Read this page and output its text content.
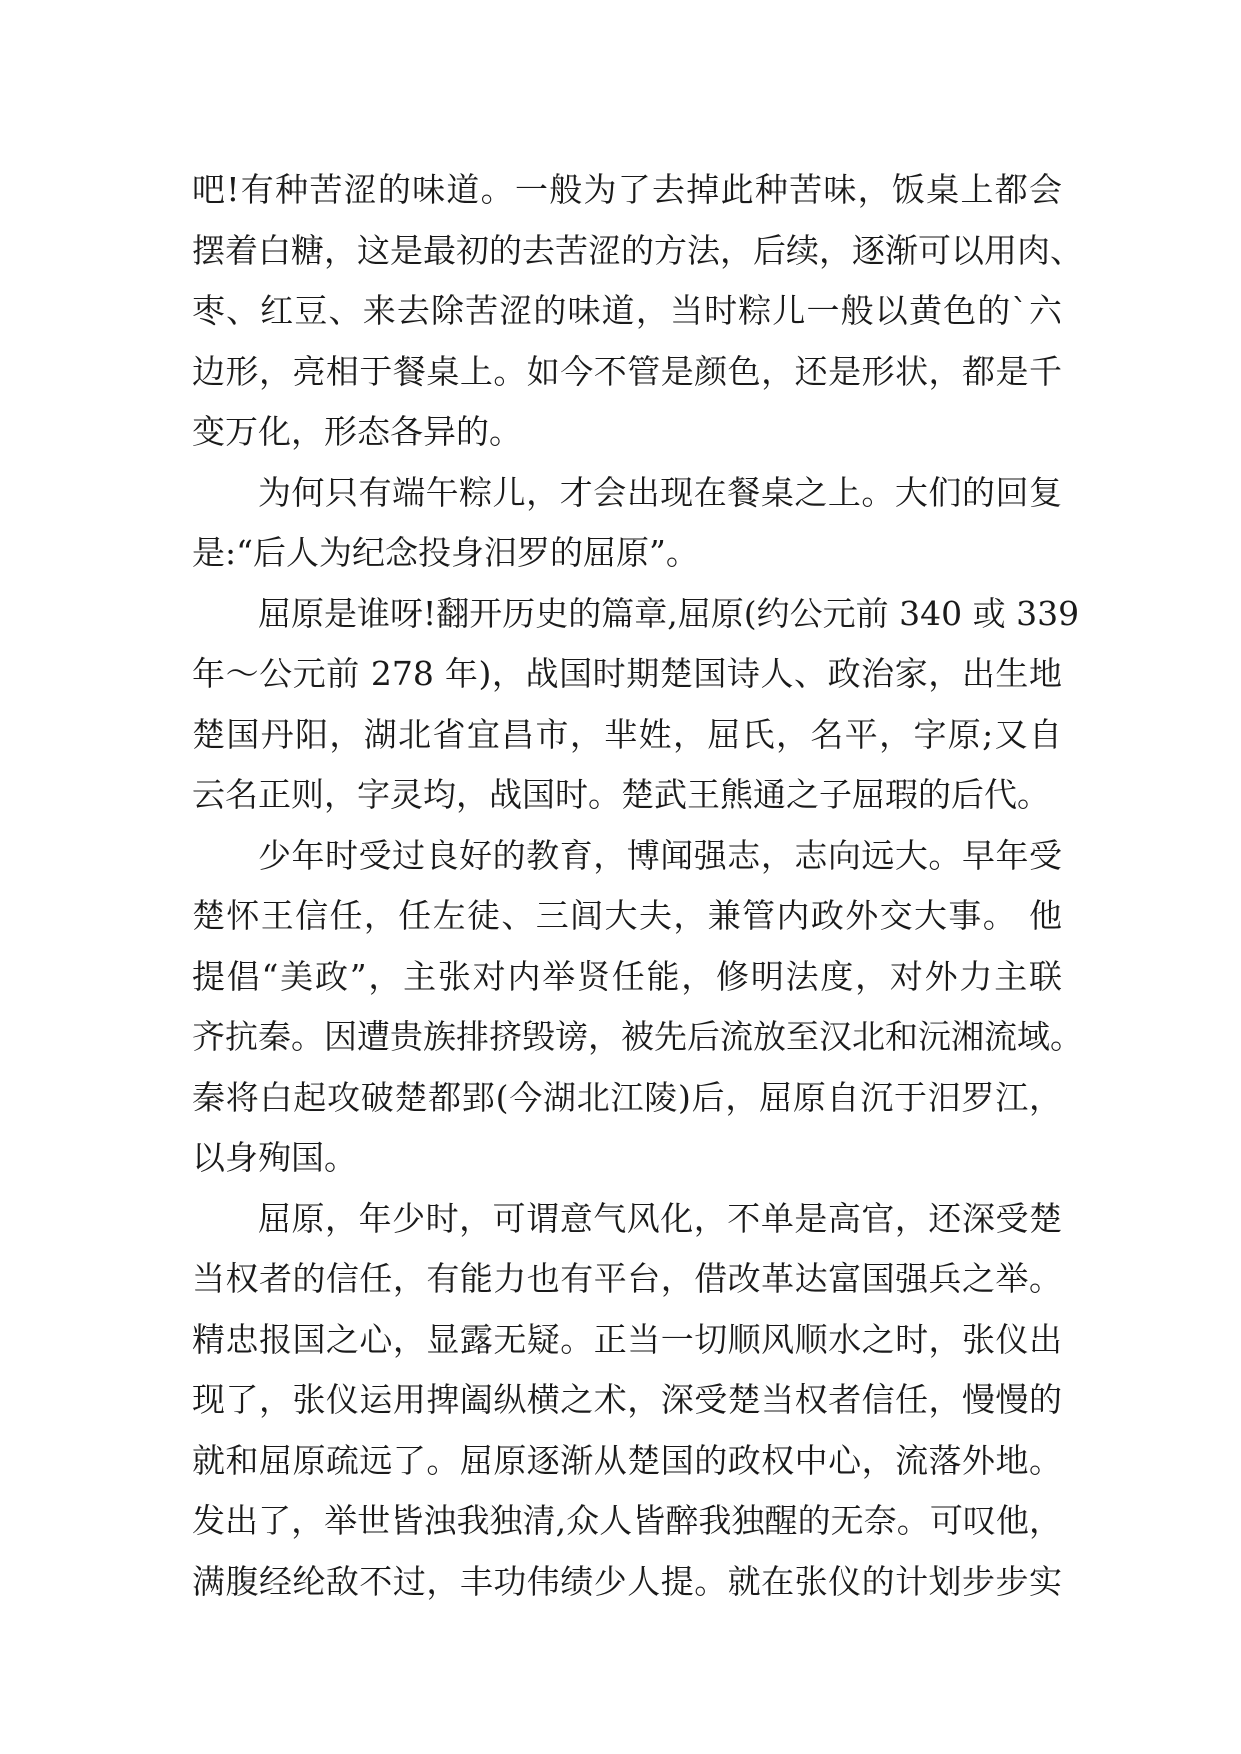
吧!有种苦涩的味道。一般为了去掉此种苦味，饭桌上都会
摆着白糖，这是最初的去苦涩的方法，后续，逐渐可以用肉、
枣、红豆、来去除苦涩的味道，当时粽儿一般以黄色的`六
边形，亮相于餐桌上。如今不管是颜色，还是形状，都是千
变万化，形态各异的。
为何只有端午粽儿，才会出现在餐桌之上。大们的回复
是:“后人为纪念投身汨罗的屈原”。
屈原是谁呀!翻开历史的篇章,屈原(约公元前 340 或 339
年～公元前 278 年)，战国时期楚国诗人、政治家，出生地
楚国丹阳，湖北省宜昌市，芈姓，屈氏，名平，字原;又自
云名正则，字灵均，战国时。楚武王熊通之子屈瑕的后代。
少年时受过良好的教育，博闻强志，志向远大。早年受
楚怀王信任，任左徒、三闾大夫，兼管内政外交大事。 他
提倡“美政”，主张对内举贤任能，修明法度，对外力主联
齐抗秦。因遭贵族排挤毁谤，被先后流放至汉北和沅湘流域。
秦将白起攻破楚都郢(今湖北江陵)后，屈原自沉于汨罗江，
以身殉国。
屈原，年少时，可谓意气风化，不单是高官，还深受楚
当权者的信任，有能力也有平台，借改革达富国强兵之举。
精忠报国之心，显露无疑。正当一切顺风顺水之时，张仪出
现了，张仪运用捭阖纵横之术，深受楚当权者信任，慢慢的
就和屈原疏远了。屈原逐渐从楚国的政权中心，流落外地。
发出了，举世皆浊我独清,众人皆醉我独醒的无奈。可叹他，
满腹经纶敌不过，丰功伟绩少人提。就在张仪的计划步步实
